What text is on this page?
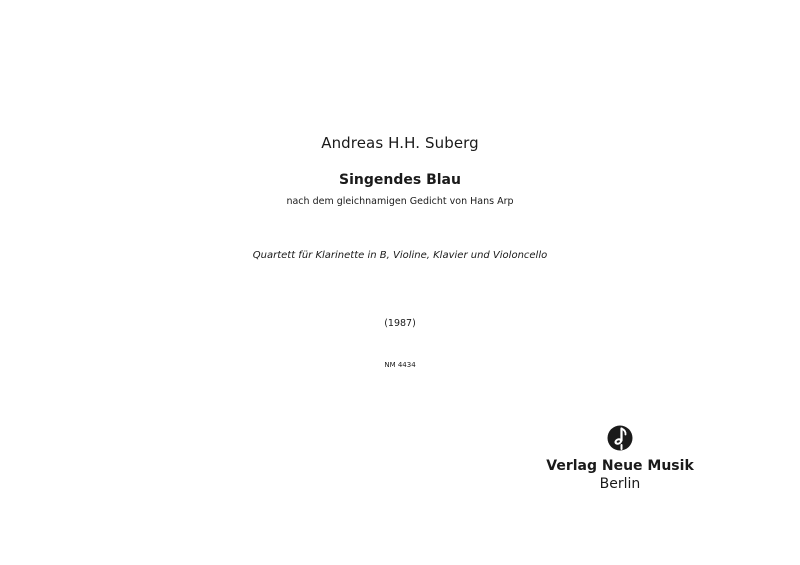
Andreas H.H. Suberg
Singendes Blau
nach dem gleichnamigen Gedicht von Hans Arp
Quartett für Klarinette in B, Violine, Klavier und Violoncello
(1987)
NM 4434
Verlag Neue Musik
Berlin
